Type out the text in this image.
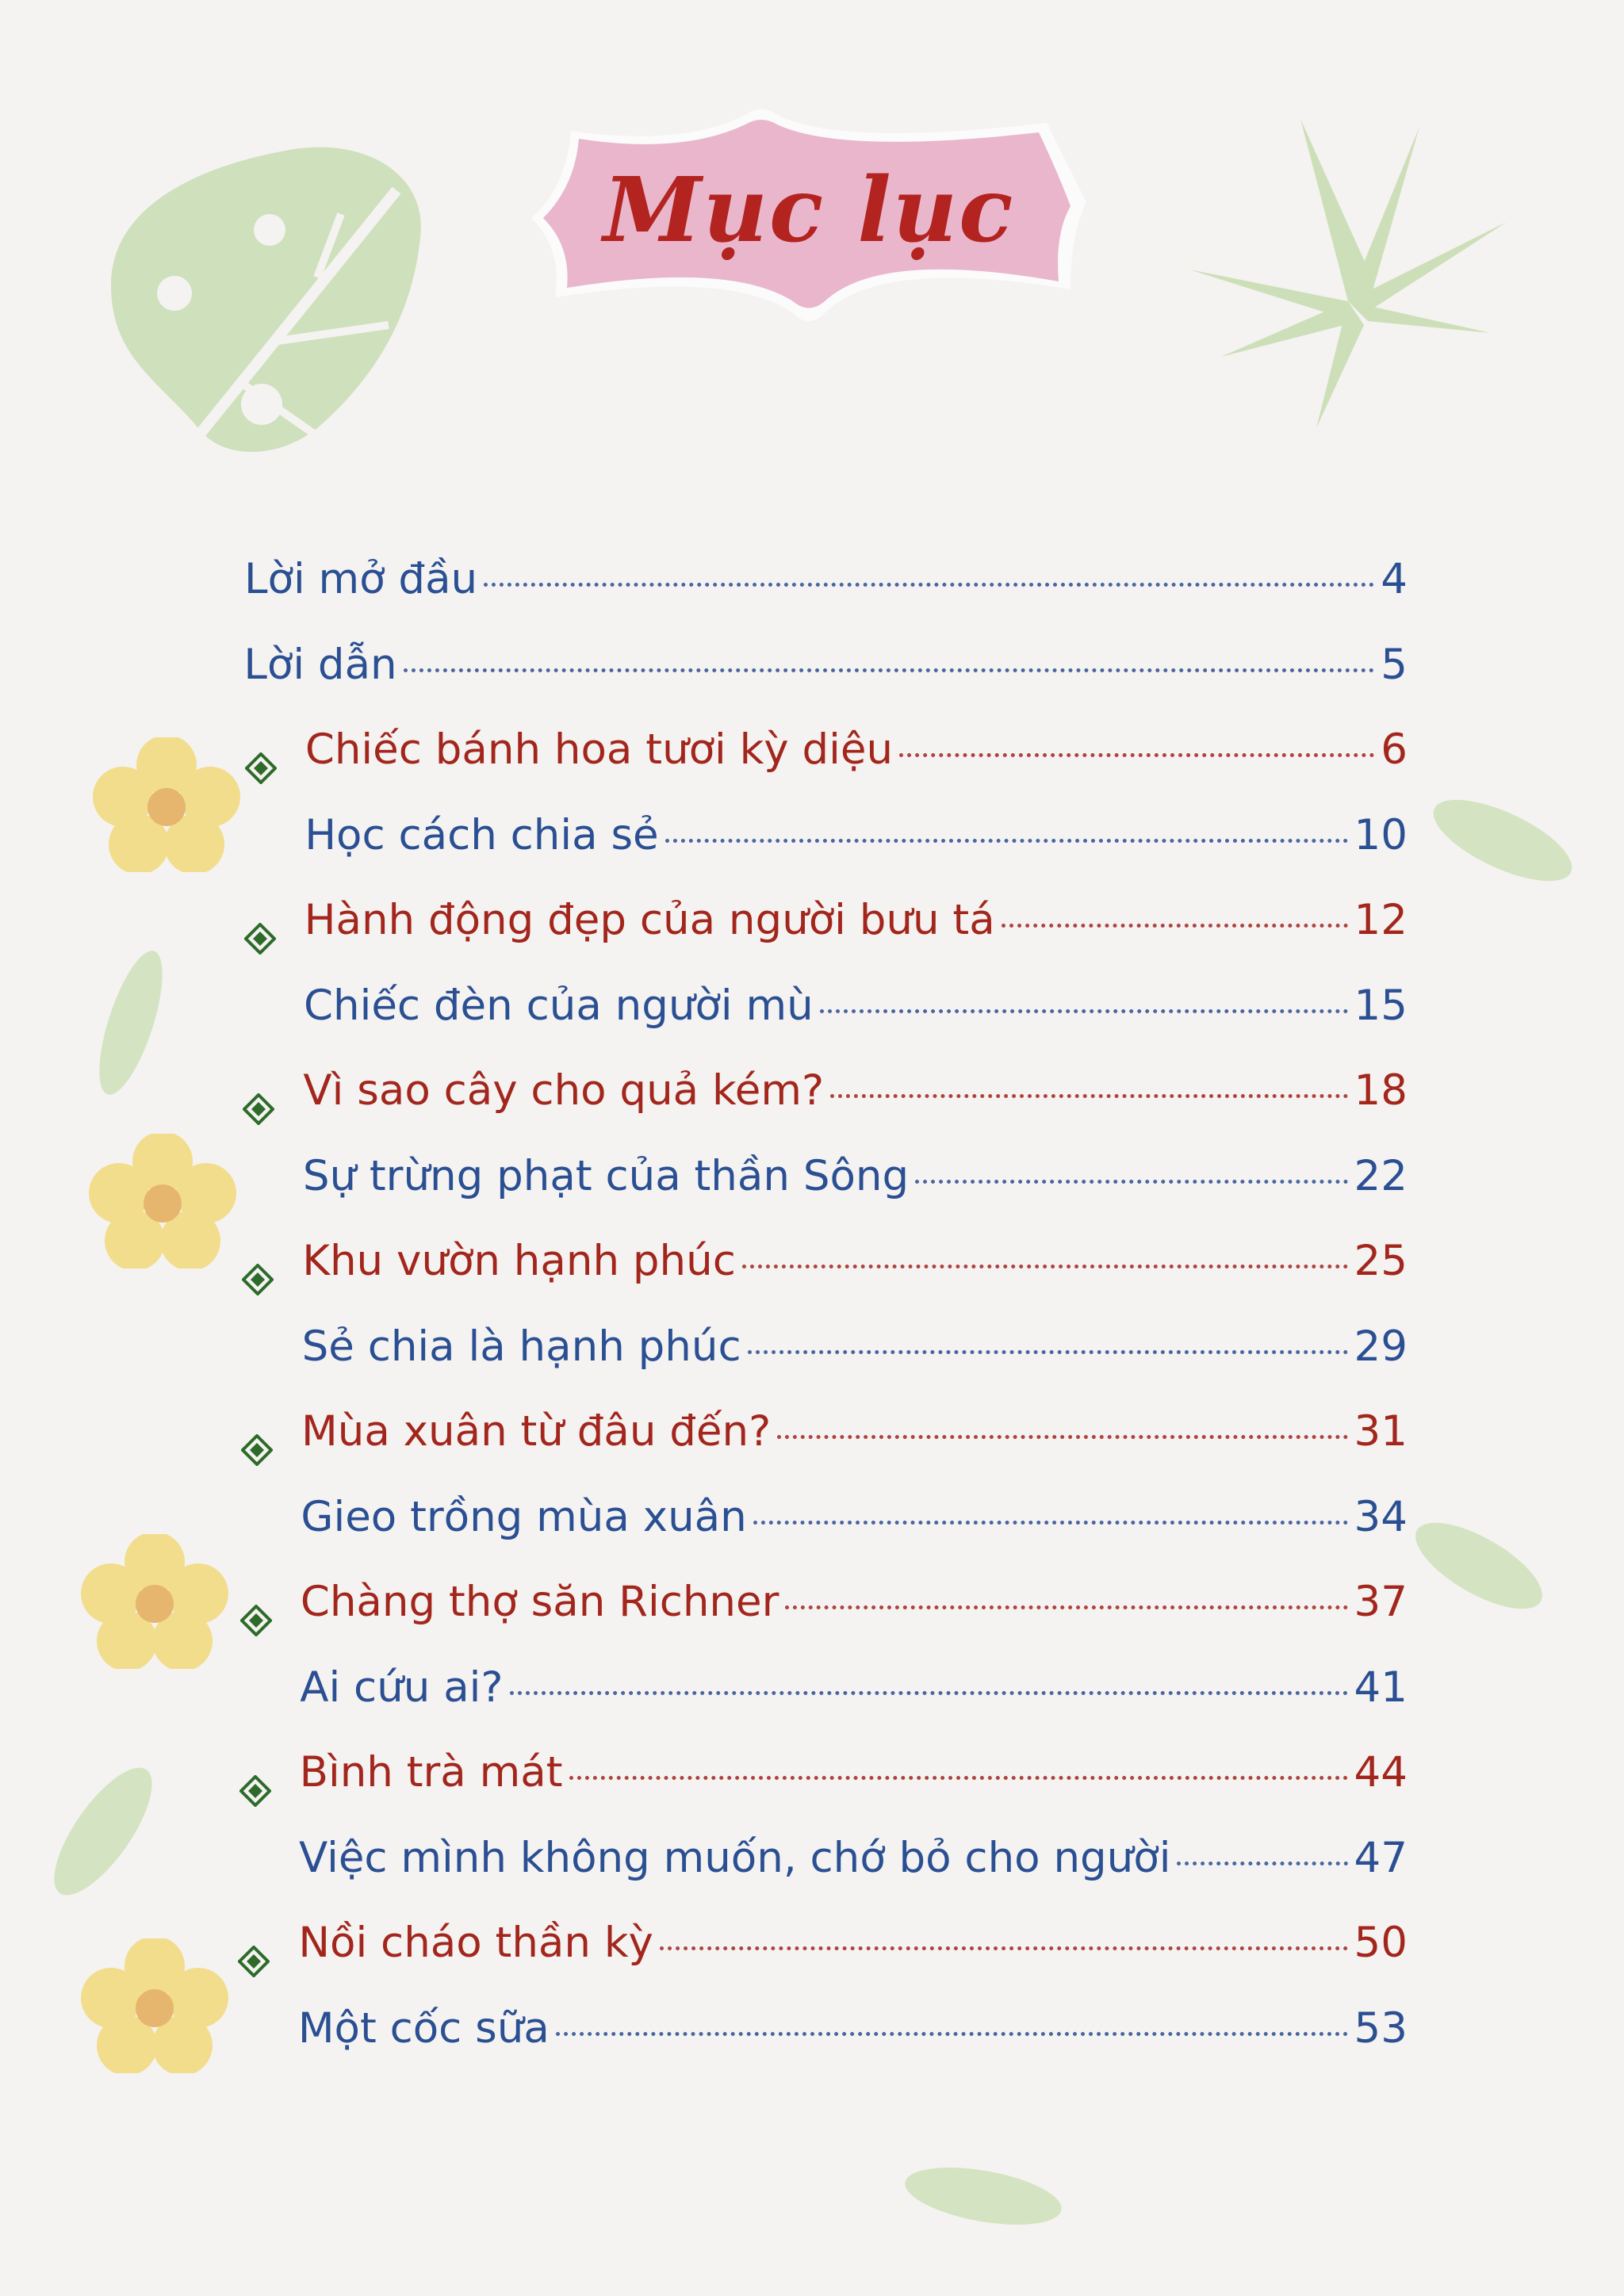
Mục lục
Lời mở đầu	4
Lời dẫn	5
Chiếc bánh hoa tươi kỳ diệu	6
Học cách chia sẻ	10
Hành động đẹp của người bưu tá	12
Chiếc đèn của người mù	15
Vì sao cây cho quả kém?	18
Sự trừng phạt của thần Sông	22
Khu vườn hạnh phúc	25
Sẻ chia là hạnh phúc	29
Mùa xuân từ đâu đến?	31
Gieo trồng mùa xuân	34
Chàng thợ săn Richner	37
Ai cứu ai?	41
Bình trà mát	44
Việc mình không muốn, chớ bỏ cho người	47
Nồi cháo thần kỳ	50
Một cốc sữa	53
